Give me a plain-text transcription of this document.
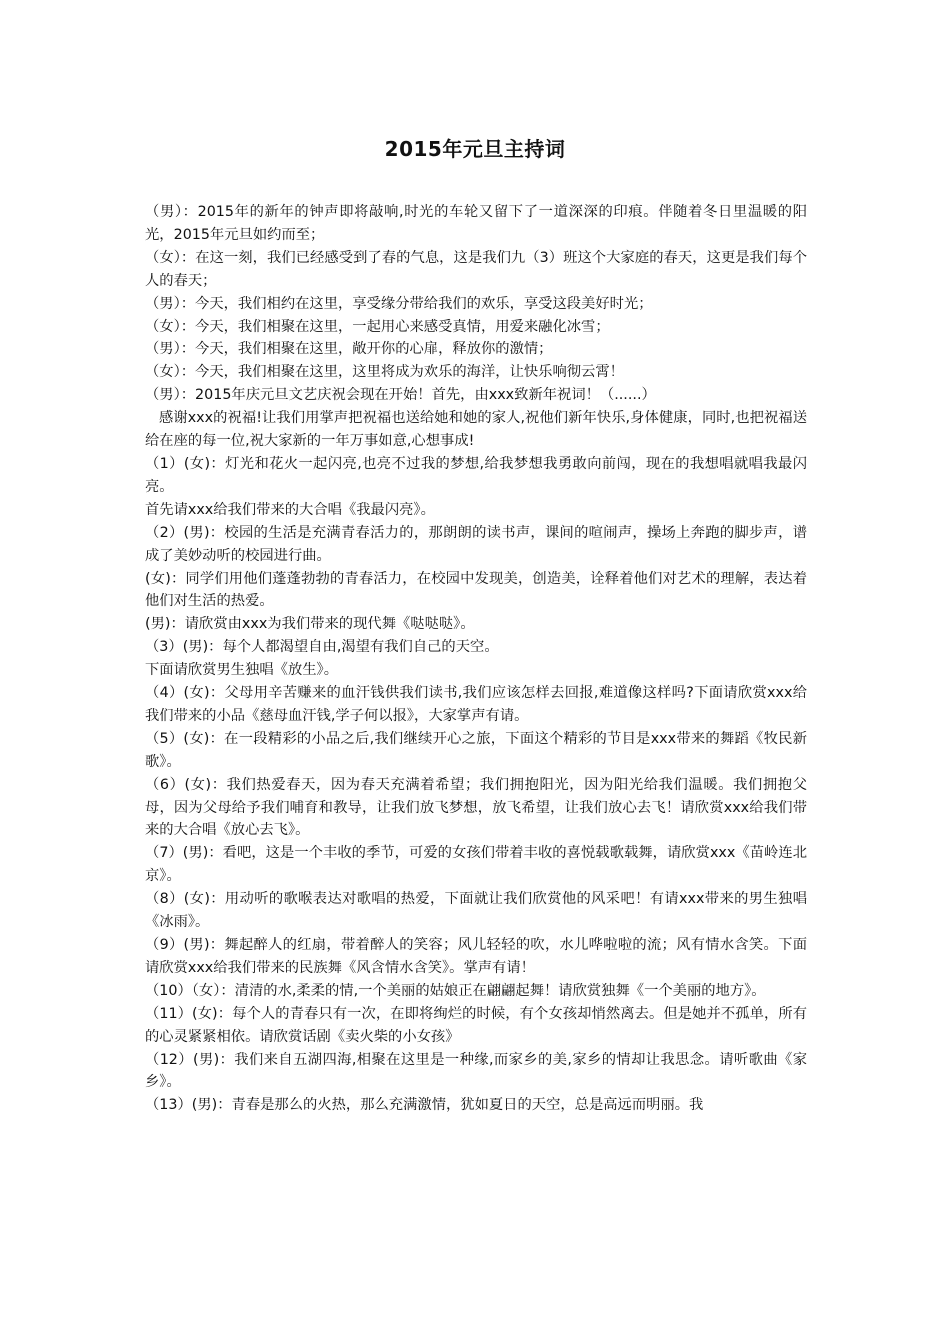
2015年元旦主持词

（男）：2015年的新年的钟声即将敲响,时光的车轮又留下了一道深深的印痕。伴随着冬日里温暖的阳光，2015年元旦如约而至；

（女）：在这一刻，我们已经感受到了春的气息，这是我们九（3）班这个大家庭的春天，这更是我们每个人的春天；

（男）：今天，我们相约在这里，享受缘分带给我们的欢乐，享受这段美好时光；

（女）：今天，我们相聚在这里，一起用心来感受真情，用爱来融化冰雪；

（男）：今天，我们相聚在这里，敞开你的心扉，释放你的激情；

（女）：今天，我们相聚在这里，这里将成为欢乐的海洋，让快乐响彻云霄！

（男）：2015年庆元旦文艺庆祝会现在开始！首先，由xxx致新年祝词！（......）

感谢xxx的祝福!让我们用掌声把祝福也送给她和她的家人,祝他们新年快乐,身体健康，同时,也把祝福送给在座的每一位,祝大家新的一年万事如意,心想事成!

（1）(女)：灯光和花火一起闪亮,也亮不过我的梦想,给我梦想我勇敢向前闯，现在的我想唱就唱我最闪亮。

首先请xxx给我们带来的大合唱《我最闪亮》。

（2）(男)：校园的生活是充满青春活力的，那朗朗的读书声，课间的喧闹声，操场上奔跑的脚步声，谱成了美妙动听的校园进行曲。

(女)：同学们用他们蓬蓬勃勃的青春活力，在校园中发现美，创造美，诠释着他们对艺术的理解，表达着他们对生活的热爱。

(男)：请欣赏由xxx为我们带来的现代舞《哒哒哒》。

（3）(男)：每个人都渴望自由,渴望有我们自己的天空。

下面请欣赏男生独唱《放生》。

（4）(女)：父母用辛苦赚来的血汗钱供我们读书,我们应该怎样去回报,难道像这样吗?下面请欣赏xxx给我们带来的小品《慈母血汗钱,学子何以报》，大家掌声有请。

（5）(女)：在一段精彩的小品之后,我们继续开心之旅，下面这个精彩的节目是xxx带来的舞蹈《牧民新歌》。

（6）(女)：我们热爱春天，因为春天充满着希望；我们拥抱阳光，因为阳光给我们温暖。我们拥抱父母，因为父母给予我们哺育和教导，让我们放飞梦想，放飞希望，让我们放心去飞！请欣赏xxx给我们带来的大合唱《放心去飞》。

（7）(男)：看吧，这是一个丰收的季节，可爱的女孩们带着丰收的喜悦载歌载舞，请欣赏xxx《苗岭连北京》。

（8）(女)：用动听的歌喉表达对歌唱的热爱，下面就让我们欣赏他的风采吧！有请xxx带来的男生独唱《冰雨》。

（9）(男)：舞起醉人的红扇，带着醉人的笑容；风儿轻轻的吹，水儿哗啦啦的流；风有情水含笑。下面请欣赏xxx给我们带来的民族舞《风含情水含笑》。掌声有请！

（10）（女）：清清的水,柔柔的情,一个美丽的姑娘正在翩翩起舞！请欣赏独舞《一个美丽的地方》。

（11）(女)：每个人的青春只有一次，在即将绚烂的时候，有个女孩却悄然离去。但是她并不孤单，所有的心灵紧紧相依。请欣赏话剧《卖火柴的小女孩》

（12）(男)：我们来自五湖四海,相聚在这里是一种缘,而家乡的美,家乡的情却让我思念。请听歌曲《家乡》。

（13）(男)：青春是那么的火热，那么充满激情，犹如夏日的天空，总是高远而明丽。我
